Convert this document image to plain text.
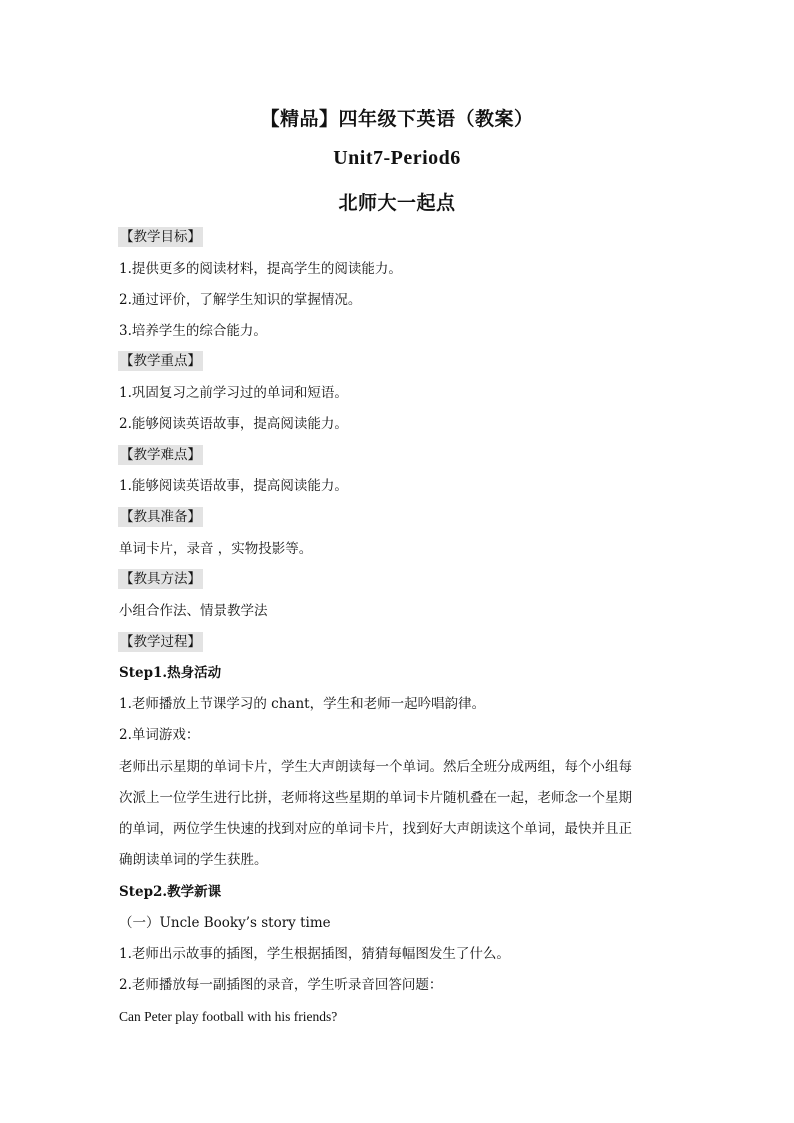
【精品】四年级下英语（教案）
Unit7-Period6
北师大一起点
【教学目标】
1.提供更多的阅读材料，提高学生的阅读能力。
2.通过评价，了解学生知识的掌握情况。
3.培养学生的综合能力。
【教学重点】
1.巩固复习之前学习过的单词和短语。
2.能够阅读英语故事，提高阅读能力。
【教学难点】
1.能够阅读英语故事，提高阅读能力。
【教具准备】
单词卡片，录音 ，实物投影等。
【教具方法】
小组合作法、情景教学法
【教学过程】
Step1.热身活动
1.老师播放上节课学习的 chant，学生和老师一起吟唱韵律。
2.单词游戏：
老师出示星期的单词卡片，学生大声朗读每一个单词。然后全班分成两组，每个小组每
次派上一位学生进行比拼，老师将这些星期的单词卡片随机叠在一起，老师念一个星期
的单词，两位学生快速的找到对应的单词卡片，找到好大声朗读这个单词，最快并且正
确朗读单词的学生获胜。
Step2.教学新课
（一）Uncle Booky’s story time
1.老师出示故事的插图，学生根据插图，猜猜每幅图发生了什么。
2.老师播放每一副插图的录音，学生听录音回答问题：
Can Peter play football with his friends?
